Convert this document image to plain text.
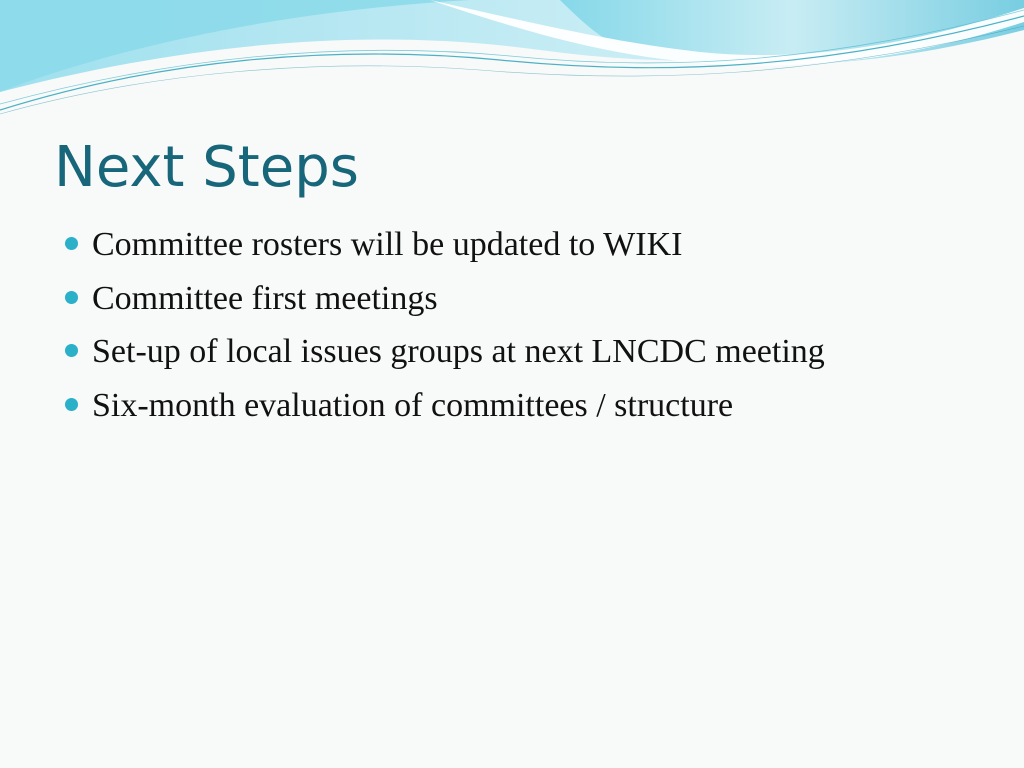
Next Steps
Committee rosters will be updated to WIKI
Committee first meetings
Set-up of local issues groups at next LNCDC meeting
Six-month evaluation of committees / structure
